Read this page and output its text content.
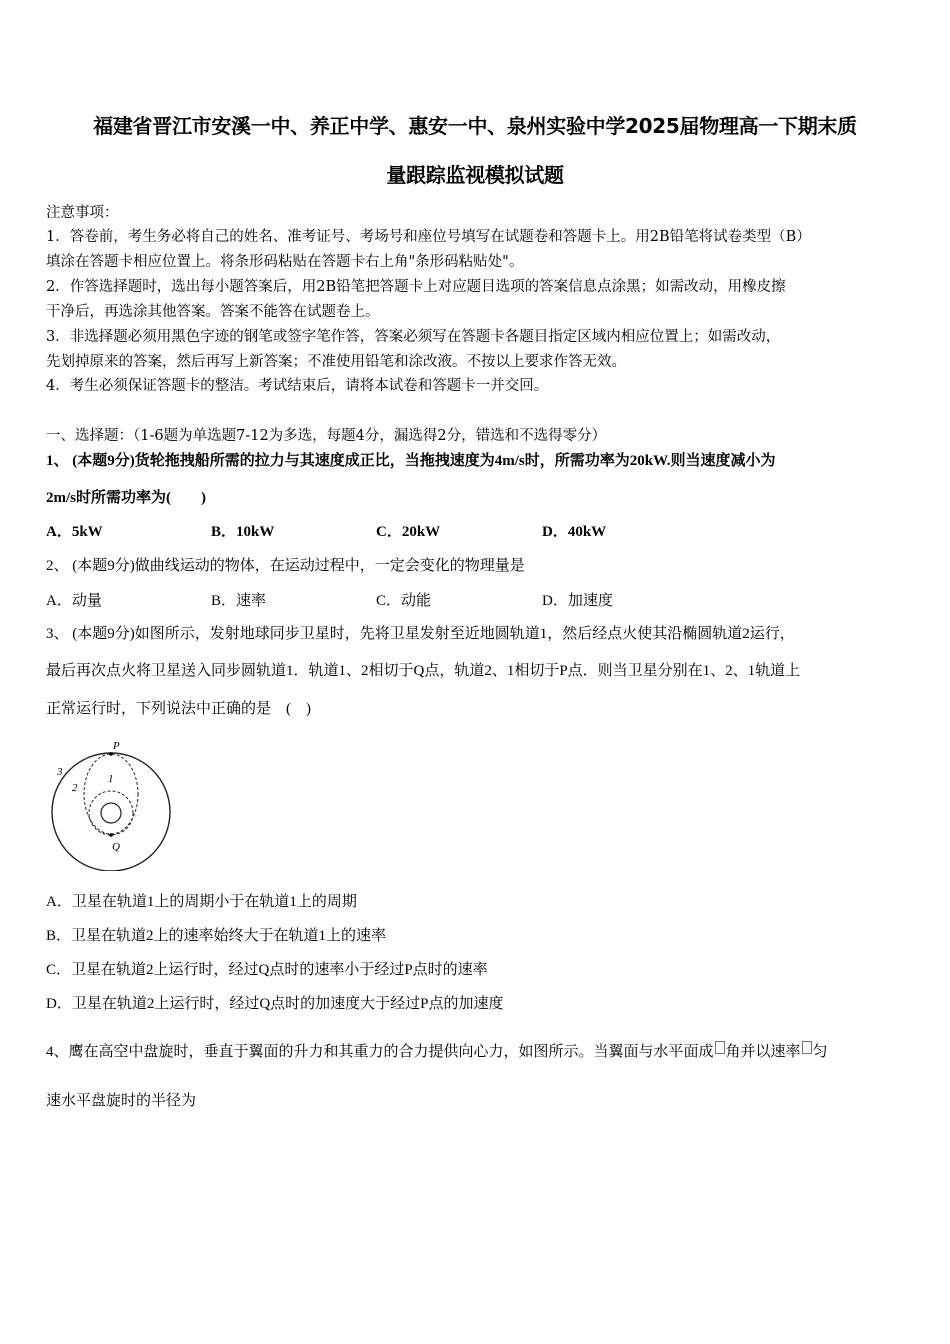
福建省晋江市安溪一中、养正中学、惠安一中、泉州实验中学2025届物理高一下期末质
量跟踪监视模拟试题
注意事项：
1．答卷前，考生务必将自己的姓名、准考证号、考场号和座位号填写在试题卷和答题卡上。用2B铅笔将试卷类型（B）
填涂在答题卡相应位置上。将条形码粘贴在答题卡右上角"条形码粘贴处"。
2．作答选择题时，选出每小题答案后，用2B铅笔把答题卡上对应题目选项的答案信息点涂黑；如需改动，用橡皮擦
干净后，再选涂其他答案。答案不能答在试题卷上。
3．非选择题必须用黑色字迹的钢笔或签字笔作答，答案必须写在答题卡各题目指定区域内相应位置上；如需改动，
先划掉原来的答案，然后再写上新答案；不准使用铅笔和涂改液。不按以上要求作答无效。
4．考生必须保证答题卡的整洁。考试结束后，请将本试卷和答题卡一并交回。
一、选择题：（1-6题为单选题7-12为多选，每题4分，漏选得2分，错选和不选得零分）
1、 (本题9分)货轮拖拽船所需的拉力与其速度成正比，当拖拽速度为4m/s时，所需功率为20kW.则当速度减小为
2m/s时所需功率为(　　)
A．5kW	B．10kW	C．20kW	D．40kW
2、 (本题9分)做曲线运动的物体，在运动过程中，一定会变化的物理量是
A．动量	B．速率	C．动能	D．加速度
3、 (本题9分)如图所示，发射地球同步卫星时，先将卫星发射至近地圆轨道1，然后经点火使其沿椭圆轨道2运行，
最后再次点火将卫星送入同步圆轨道1．轨道1、2相切于Q点，轨道2、1相切于P点．则当卫星分别在1、2、1轨道上
正常运行时，下列说法中正确的是　(　)
P
Q
1
2
3
A．卫星在轨道1上的周期小于在轨道1上的周期
B．卫星在轨道2上的速率始终大于在轨道1上的速率
C．卫星在轨道2上运行时，经过Q点时的速率小于经过P点时的速率
D．卫星在轨道2上运行时，经过Q点时的加速度大于经过P点的加速度
4、鹰在高空中盘旋时，垂直于翼面的升力和其重力的合力提供向心力，如图所示。当翼面与水平面成 角并以速率 匀
速水平盘旋时的半径为
